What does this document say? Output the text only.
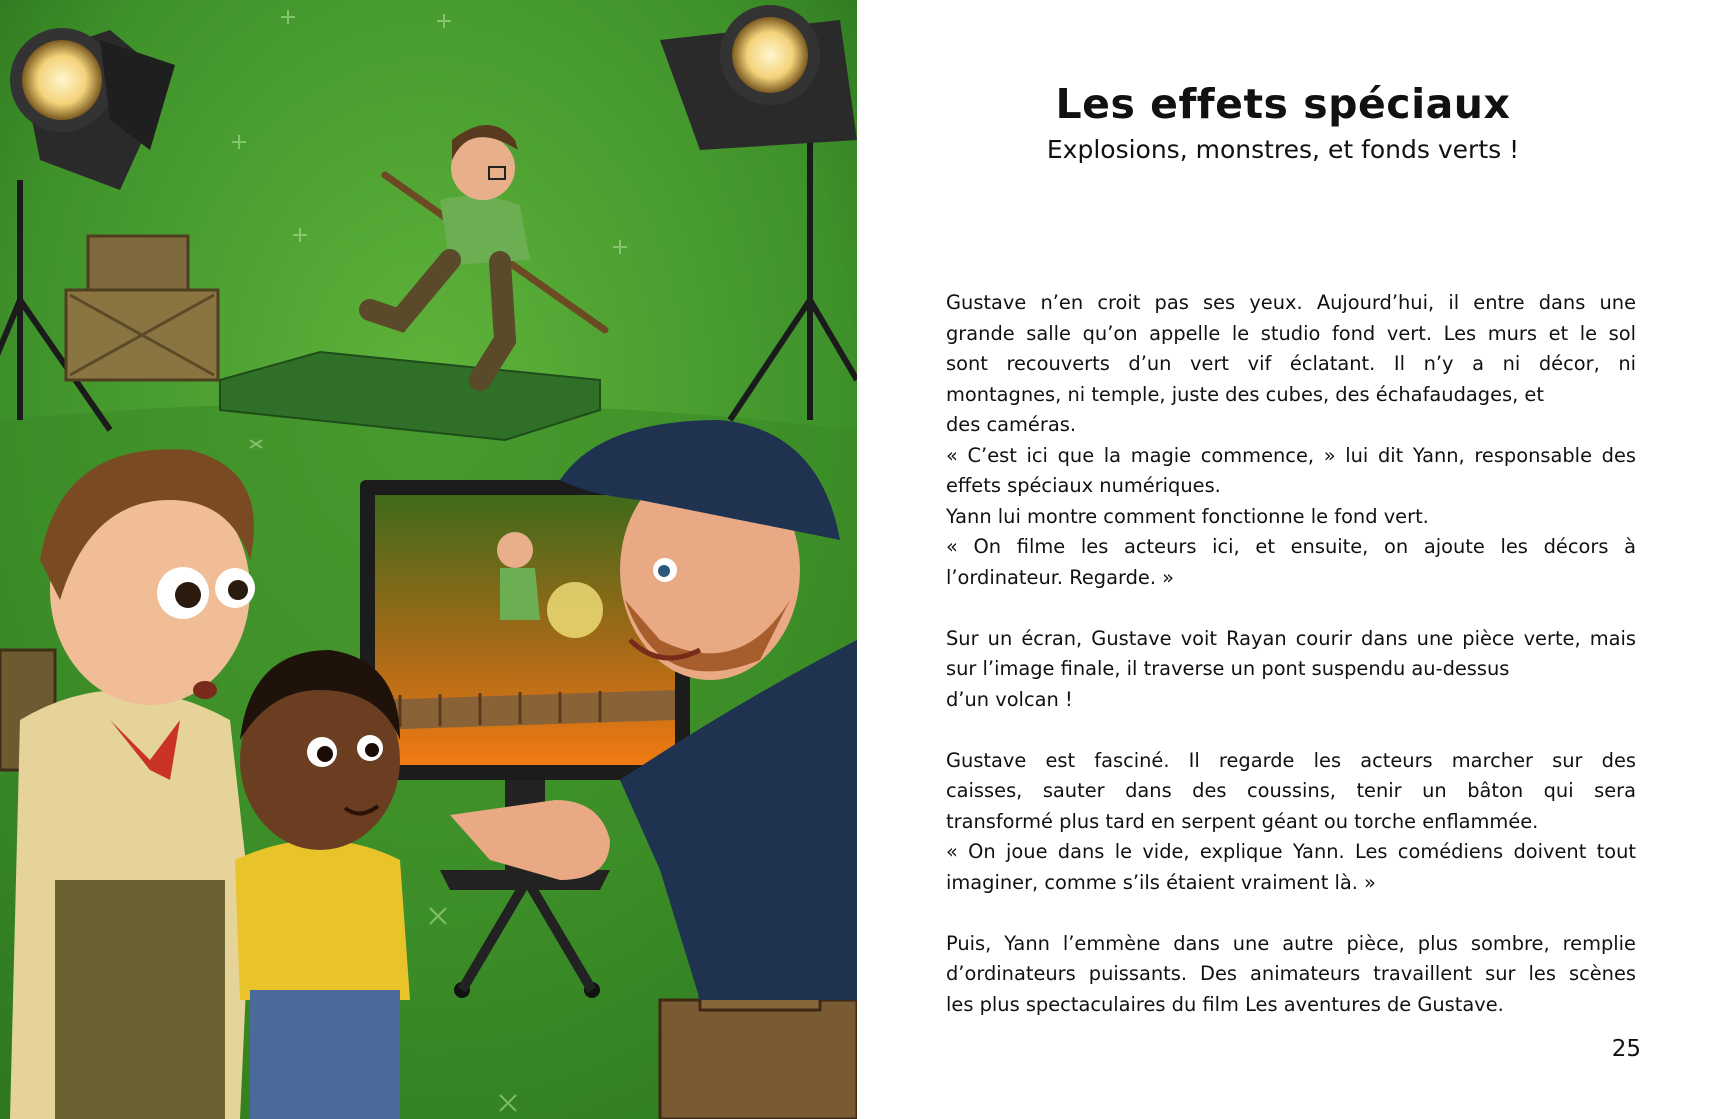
Les effets spéciaux
Explosions, monstres, et fonds verts !

Gustave n’en croit pas ses yeux. Aujourd’hui, il entre dans une
grande salle qu’on appelle le studio fond vert. Les murs et le sol
sont recouverts d’un vert vif éclatant. Il n’y a ni décor, ni
montagnes, ni temple, juste des cubes, des échafaudages, et
des caméras.
« C’est ici que la magie commence, » lui dit Yann, responsable des
effets spéciaux numériques.
Yann lui montre comment fonctionne le fond vert.
« On filme les acteurs ici, et ensuite, on ajoute les décors à
l’ordinateur. Regarde. »

Sur un écran, Gustave voit Rayan courir dans une pièce verte, mais
sur l’image finale, il traverse un pont suspendu au-dessus
d’un volcan !

Gustave est fasciné. Il regarde les acteurs marcher sur des
caisses, sauter dans des coussins, tenir un bâton qui sera
transformé plus tard en serpent géant ou torche enflammée.
« On joue dans le vide, explique Yann. Les comédiens doivent tout
imaginer, comme s’ils étaient vraiment là. »

Puis, Yann l’emmène dans une autre pièce, plus sombre, remplie
d’ordinateurs puissants. Des animateurs travaillent sur les scènes
les plus spectaculaires du film Les aventures de Gustave.

25
